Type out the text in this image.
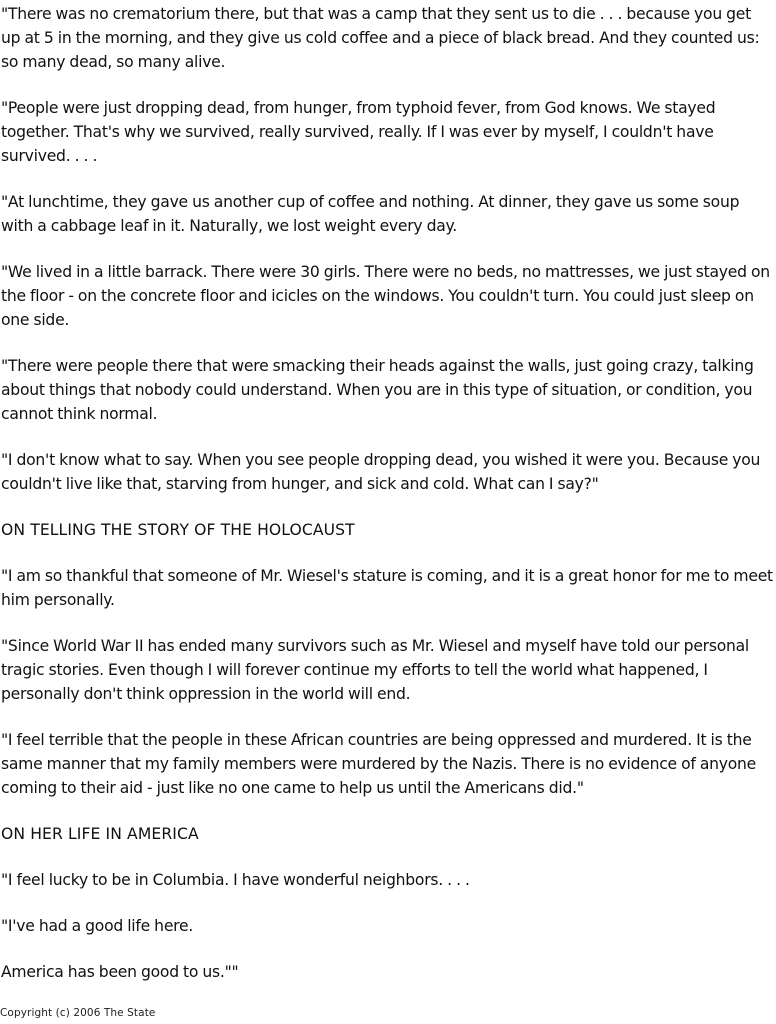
"There was no crematorium there, but that was a camp that they sent us to die . . . because you get up at 5 in the morning, and they give us cold coffee and a piece of black bread. And they counted us: so many dead, so many alive.

"People were just dropping dead, from hunger, from typhoid fever, from God knows. We stayed together. That's why we survived, really survived, really. If I was ever by myself, I couldn't have survived. . . .

"At lunchtime, they gave us another cup of coffee and nothing. At dinner, they gave us some soup with a cabbage leaf in it. Naturally, we lost weight every day.

"We lived in a little barrack. There were 30 girls. There were no beds, no mattresses, we just stayed on the floor - on the concrete floor and icicles on the windows. You couldn't turn. You could just sleep on one side.

"There were people there that were smacking their heads against the walls, just going crazy, talking about things that nobody could understand. When you are in this type of situation, or condition, you cannot think normal.

"I don't know what to say. When you see people dropping dead, you wished it were you. Because you couldn't live like that, starving from hunger, and sick and cold. What can I say?"

ON TELLING THE STORY OF THE HOLOCAUST

"I am so thankful that someone of Mr. Wiesel's stature is coming, and it is a great honor for me to meet him personally.

"Since World War II has ended many survivors such as Mr. Wiesel and myself have told our personal tragic stories. Even though I will forever continue my efforts to tell the world what happened, I personally don't think oppression in the world will end.

"I feel terrible that the people in these African countries are being oppressed and murdered. It is the same manner that my family members were murdered by the Nazis. There is no evidence of anyone coming to their aid - just like no one came to help us until the Americans did."

ON HER LIFE IN AMERICA

"I feel lucky to be in Columbia. I have wonderful neighbors. . . .

"I've had a good life here.

America has been good to us.""

Copyright (c) 2006 The State
